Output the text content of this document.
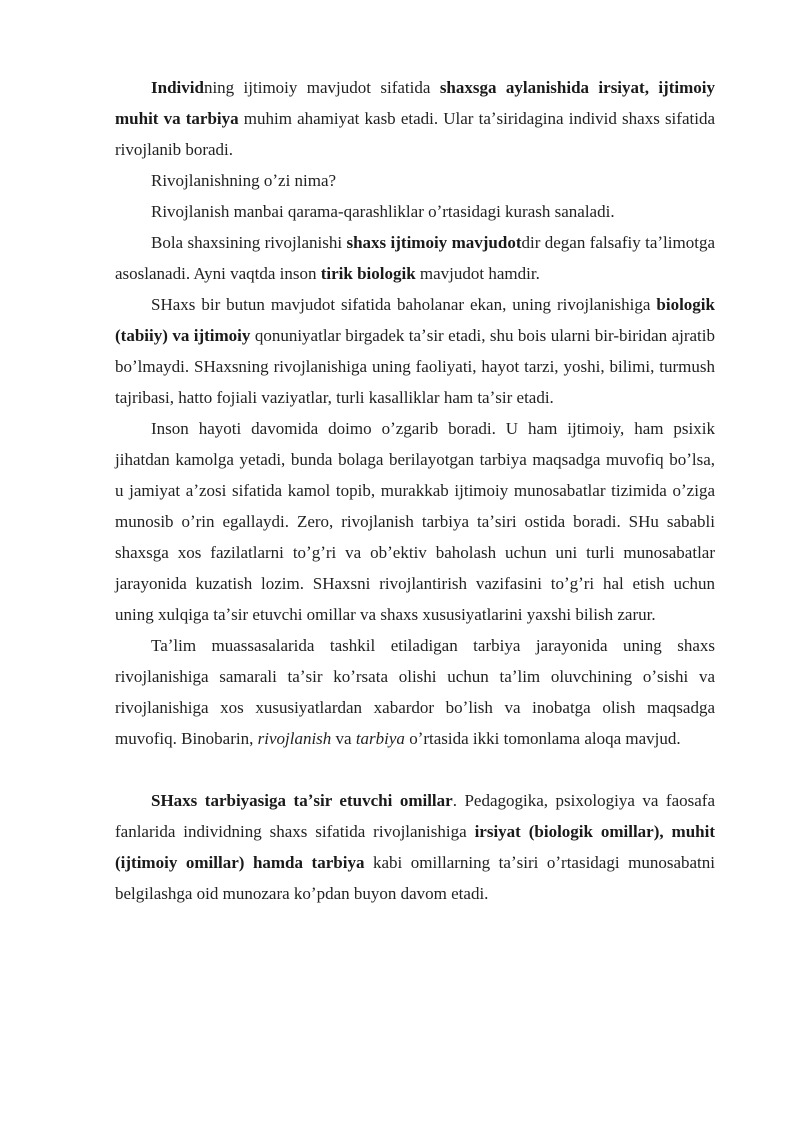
Individning ijtimoiy mavjudot sifatida shaxsga aylanishida irsiyat, ijtimoiy muhit va tarbiya muhim ahamiyat kasb etadi. Ular taʼsiridagina individ shaxs sifatida rivojlanib boradi.

Rivojlanishning oʼzi nima?

Rivojlanish manbai qarama-qarashliklar oʼrtasidagi kurash sanaladi.

Bola shaxsining rivojlanishi shaxs ijtimoiy mavjudotdir degan falsafiy taʼlimotga asoslanadi. Ayni vaqtda inson tirik biologik mavjudot hamdir.

SHaxs bir butun mavjudot sifatida baholanar ekan, uning rivojlanishiga biologik (tabiiy) va ijtimoiy qonuniyatlar birgadek taʼsir etadi, shu bois ularni bir-biridan ajratib boʼlmaydi. SHaxsning rivojlanishiga uning faoliyati, hayot tarzi, yoshi, bilimi, turmush tajribasi, hatto fojiali vaziyatlar, turli kasalliklar ham taʼsir etadi.

Inson hayoti davomida doimo oʼzgarib boradi. U ham ijtimoiy, ham psixik jihatdan kamolga yetadi, bunda bolaga berilayotgan tarbiya maqsadga muvofiq boʼlsa, u jamiyat aʼzosi sifatida kamol topib, murakkab ijtimoiy munosabatlar tizimida oʼziga munosib oʼrin egallaydi. Zero, rivojlanish tarbiya taʼsiri ostida boradi. SHu sababli shaxsga xos fazilatlarni toʼgʼri va obʼektiv baholash uchun uni turli munosabatlar jarayonida kuzatish lozim. SHaxsni rivojlantirish vazifasini toʼgʼri hal etish uchun uning xulqiga taʼsir etuvchi omillar va shaxs xususiyatlarini yaxshi bilish zarur.

Taʼlim muassasalarida tashkil etiladigan tarbiya jarayonida uning shaxs rivojlanishiga samarali taʼsir koʼrsata olishi uchun taʼlim oluvchining oʼsishi va rivojlanishiga xos xususiyatlardan xabardor boʼlish va inobatga olish maqsadga muvofiq. Binobarin, rivojlanish va tarbiya oʼrtasida ikki tomonlama aloqa mavjud.

SHaxs tarbiyasiga taʼsir etuvchi omillar. Pedagogika, psixologiya va faosafa fanlarida individning shaxs sifatida rivojlanishiga irsiyat (biologik omillar), muhit (ijtimoiy omillar) hamda tarbiya kabi omillarning taʼsiri oʼrtasidagi munosabatni belgilashga oid munozara koʼpdan buyon davom etadi.
